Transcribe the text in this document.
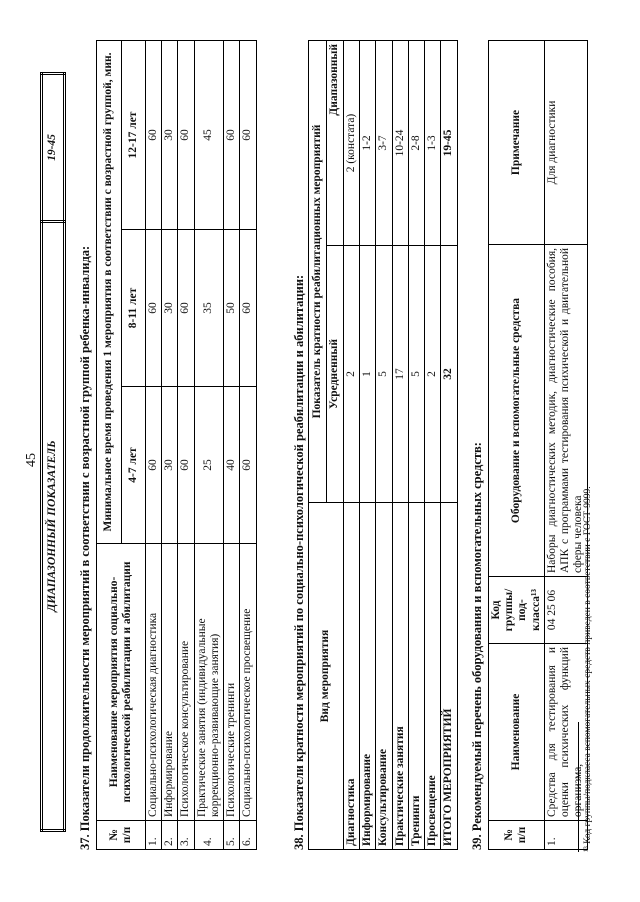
45 ДИАПАЗОННЫЙ ПОКАЗАТЕЛЬ	19-45
37. Показатели продолжительности мероприятий в соответствии с возрастной группой ребенка-инвалида: № п/п	Наименование мероприятия социально-психологической реабилитации и абилитации	Минимальное время проведения 1 мероприятия в соответствии с возрастной группой, мин.		
		4-7 лет	8-11 лет	12-17 лет
1.	Социально-психологическая диагностика	60	60	60
2.	Информирование	30	30	30
3.	Психологическое консультирование	60	60	60
4.	Практические занятия (индивидуальные коррекционно-развивающие занятия)	25	35	45
5.	Психологические тренинги	40	50	60
6.	Социально-психологическое просвещение	60	60	60
38. Показатели кратности мероприятий по социально-психологической реабилитации и абилитации: Вид мероприятия	Показатель кратности реабилитационных мероприятий	
	Усредненный	Диапазонный
Диагностика	2	2 (констата)
Информирование	1	1-2
Консультирование	5	3-7
Практические занятия	17	10-24
Тренинги	5	2-8
Просвещение	2	1-3
ИТОГО МЕРОПРИЯТИЙ	32	19-45
39. Рекомендуемый перечень оборудования и вспомогательных средств: № п/п	Наименование	Код группы/под-класса¹³	Оборудование и вспомогательные средства	Примечание
1.	Средства для тестирования и оценки психических функций организма,	04 25 06	Наборы диагностических методик, диагностические пособия, АПК с программами тестирования психической и двигательной сферы человека	Для диагностики
¹³ Код группы/подкласса вспомогательных средств приведен в соответствии с ГОСТ-9999.
